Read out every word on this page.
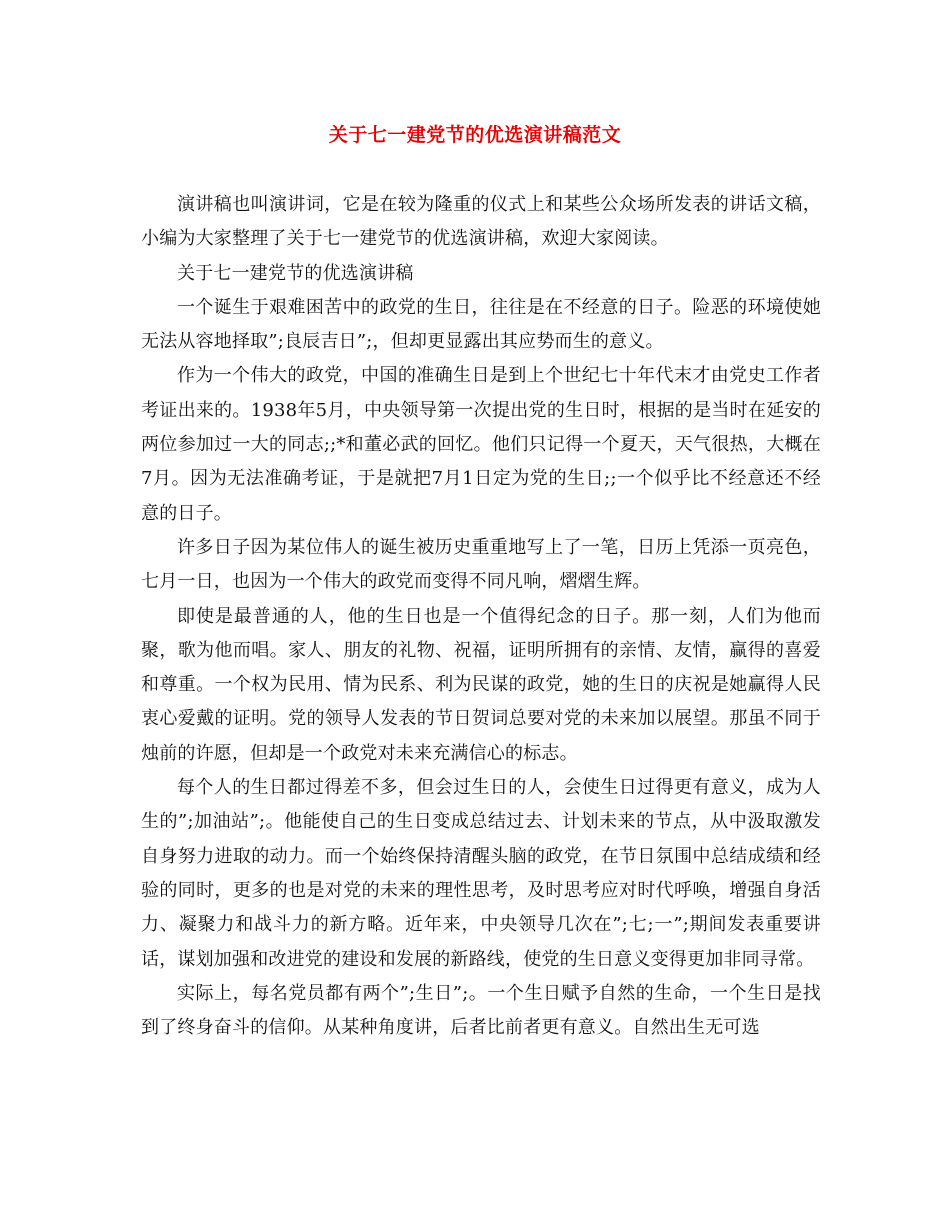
关于七一建党节的优选演讲稿范文

演讲稿也叫演讲词，它是在较为隆重的仪式上和某些公众场所发表的讲话文稿，小编为大家整理了关于七一建党节的优选演讲稿，欢迎大家阅读。

关于七一建党节的优选演讲稿

一个诞生于艰难困苦中的政党的生日，往往是在不经意的日子。险恶的环境使她无法从容地择取”;良辰吉日”;，但却更显露出其应势而生的意义。

作为一个伟大的政党，中国的准确生日是到上个世纪七十年代末才由党史工作者考证出来的。1938年5月，中央领导第一次提出党的生日时，根据的是当时在延安的两位参加过一大的同志;;*和董必武的回忆。他们只记得一个夏天，天气很热，大概在7月。因为无法准确考证，于是就把7月1日定为党的生日;;一个似乎比不经意还不经意的日子。

许多日子因为某位伟人的诞生被历史重重地写上了一笔，日历上凭添一页亮色，七月一日，也因为一个伟大的政党而变得不同凡响，熠熠生辉。

即使是最普通的人，他的生日也是一个值得纪念的日子。那一刻，人们为他而聚，歌为他而唱。家人、朋友的礼物、祝福，证明所拥有的亲情、友情，赢得的喜爱和尊重。一个权为民用、情为民系、利为民谋的政党，她的生日的庆祝是她赢得人民衷心爱戴的证明。党的领导人发表的节日贺词总要对党的未来加以展望。那虽不同于烛前的许愿，但却是一个政党对未来充满信心的标志。

每个人的生日都过得差不多，但会过生日的人，会使生日过得更有意义，成为人生的”;加油站”;。他能使自己的生日变成总结过去、计划未来的节点，从中汲取激发自身努力进取的动力。而一个始终保持清醒头脑的政党，在节日氛围中总结成绩和经验的同时，更多的也是对党的未来的理性思考，及时思考应对时代呼唤，增强自身活力、凝聚力和战斗力的新方略。近年来，中央领导几次在”;七;一”;期间发表重要讲话，谋划加强和改进党的建设和发展的新路线，使党的生日意义变得更加非同寻常。

实际上，每名党员都有两个”;生日”;。一个生日赋予自然的生命，一个生日是找到了终身奋斗的信仰。从某种角度讲，后者比前者更有意义。自然出生无可选
